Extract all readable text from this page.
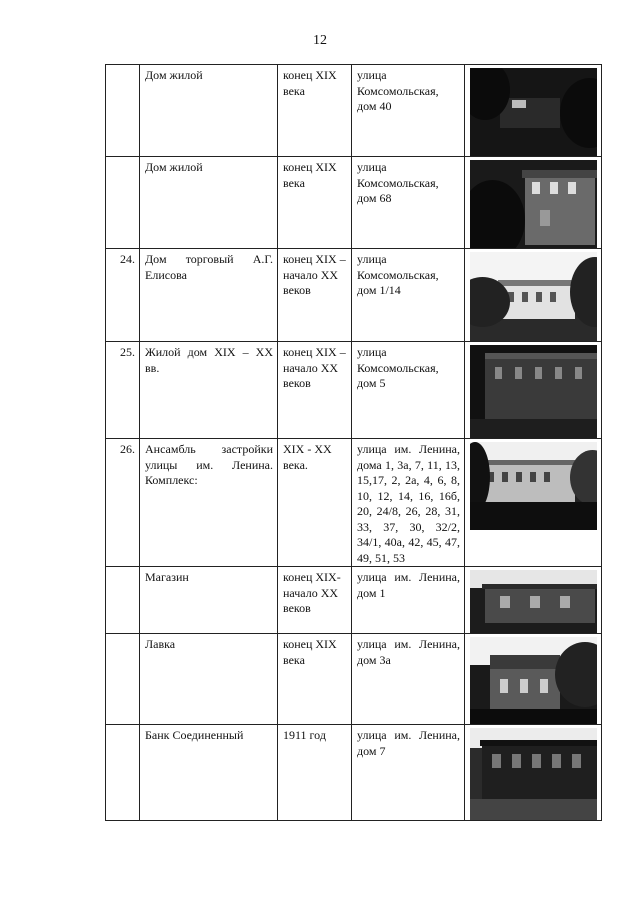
12
	Дом жилой	конец XIX века	улица Комсомольская, дом 40	

	Дом жилой	конец XIX века	улица Комсомольская, дом 68	

24.	Дом торговый А.Г. Елисова	конец XIX – начало XX веков	улица Комсомольская, дом 1/14	

25.	Жилой дом XIX – XX вв.	конец XIX – начало XX веков	улица Комсомольская, дом 5	

26.	Ансамбль застройки улицы им. Ленина. Комплекс:	XIX - XX века.	улица им. Ленина, дома 1, 3а, 7, 11, 13, 15,17, 2, 2а, 4, 6, 8, 10, 12, 14, 16, 16б, 20, 24/8, 26, 28, 31, 33, 37, 30, 32/2, 34/1, 40а, 42, 45, 47, 49, 51, 53	

	Магазин	конец XIX- начало XX веков	улица им. Ленина, дом 1	

	Лавка	конец XIX века	улица им. Ленина, дом 3а	

	Банк Соединенный	1911 год	улица им. Ленина, дом 7	
